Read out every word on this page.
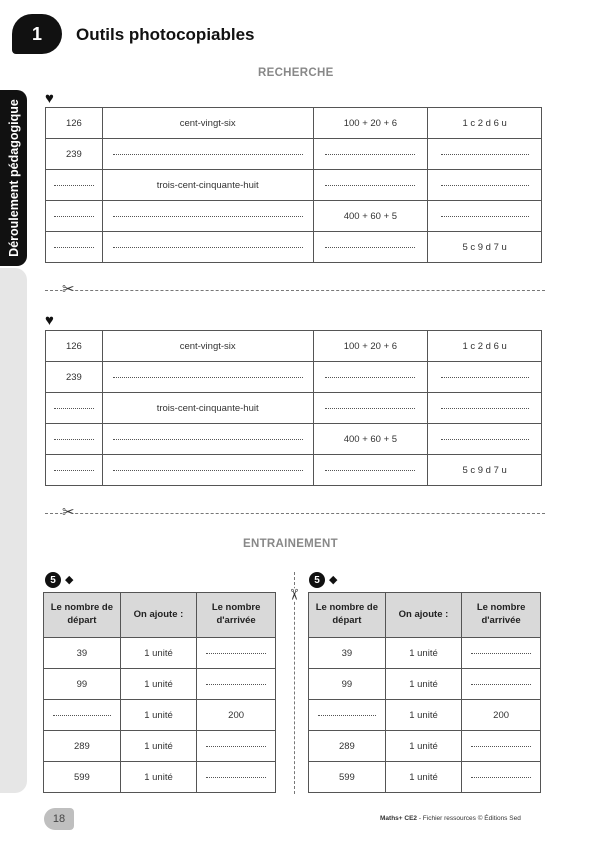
1	Outils photocopiables
Déroulement pédagogique
RECHERCHE
♥
126	cent-vingt-six	100 + 20 + 6	1 c 2 d 6 u
239			
	trois-cent-cinquante-huit		
		400 + 60 + 5	
			5 c 9 d 7 u
✂
♥
126	cent-vingt-six	100 + 20 + 6	1 c 2 d 6 u
239			
	trois-cent-cinquante-huit		
		400 + 60 + 5	
			5 c 9 d 7 u
✂
ENTRAINEMENT
5 ◆
Le nombre de départ	On ajoute :	Le nombre d'arrivée
39	1 unité	
99	1 unité	
	1 unité	200
289	1 unité	
599	1 unité	
✂
5 ◆
Le nombre de départ	On ajoute :	Le nombre d'arrivée
39	1 unité	
99	1 unité	
	1 unité	200
289	1 unité	
599	1 unité	
18	Maths+ CE2 - Fichier ressources © Éditions Sed
